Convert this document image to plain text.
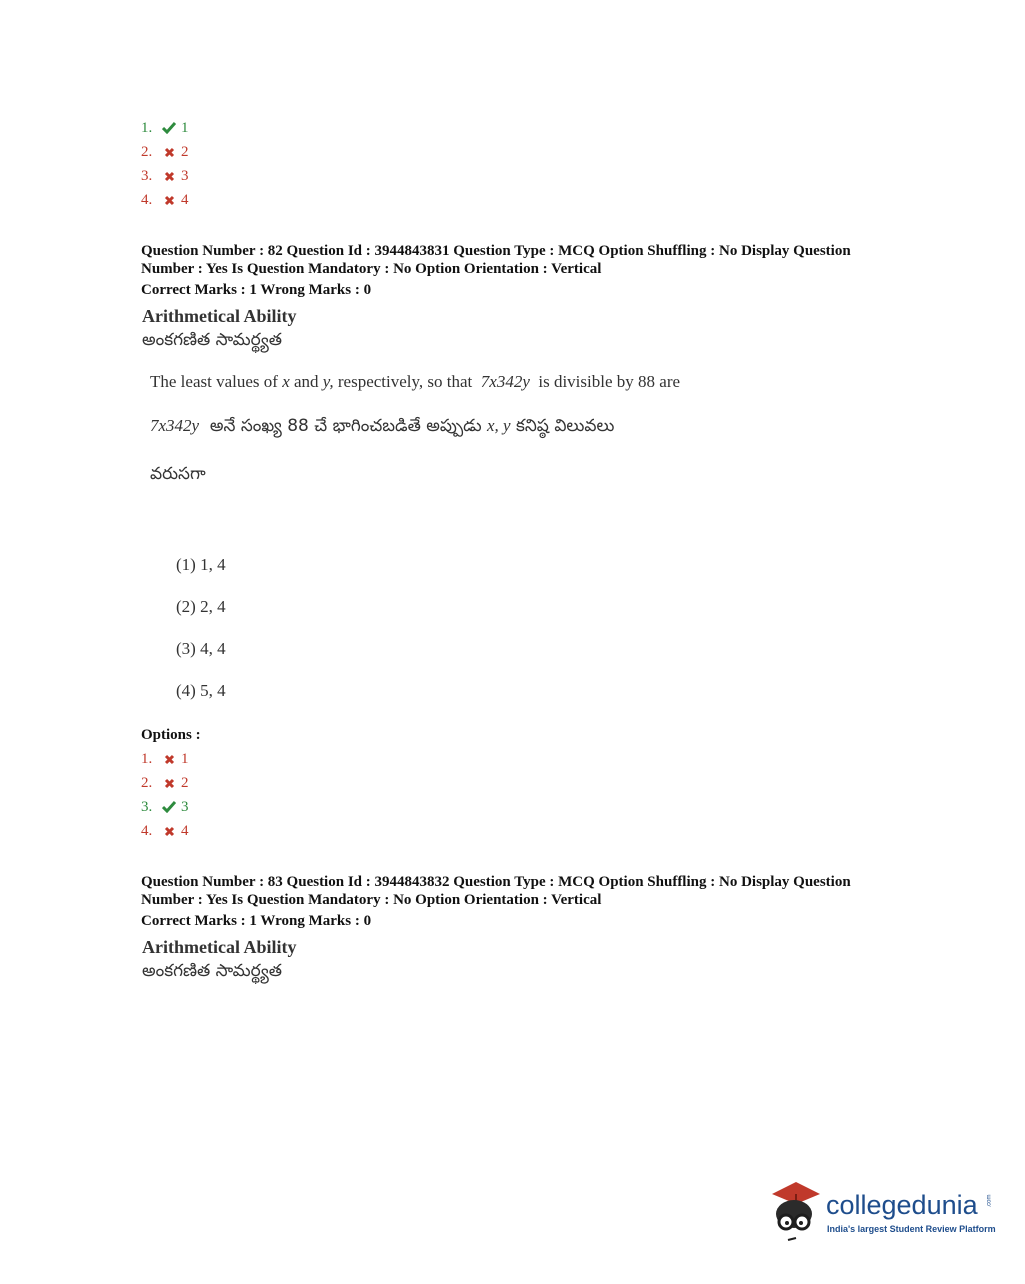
1.	1
2.	2
3.	3
4.	4
Question Number : 82 Question Id : 3944843831 Question Type : MCQ Option Shuffling : No Display Question
Number : Yes Is Question Mandatory : No Option Orientation : Vertical
Correct Marks : 1 Wrong Marks : 0
Arithmetical Ability
అంకగణిత సామర్థ్యత
The least values of x and y, respectively, so that 7x342y is divisible by 88 are
7x342y అనే సంఖ్య 88 చే భాగించబడితే అప్పుడు x, y కనిష్ఠ విలువలు
వరుసగా
(1) 1, 4
(2) 2, 4
(3) 4, 4
(4) 5, 4
Options :
1.	1
2.	2
3.	3
4.	4
Question Number : 83 Question Id : 3944843832 Question Type : MCQ Option Shuffling : No Display Question
Number : Yes Is Question Mandatory : No Option Orientation : Vertical
Correct Marks : 1 Wrong Marks : 0
Arithmetical Ability
అంకగణిత సామర్థ్యత
collegedunia .com
India's largest Student Review Platform
